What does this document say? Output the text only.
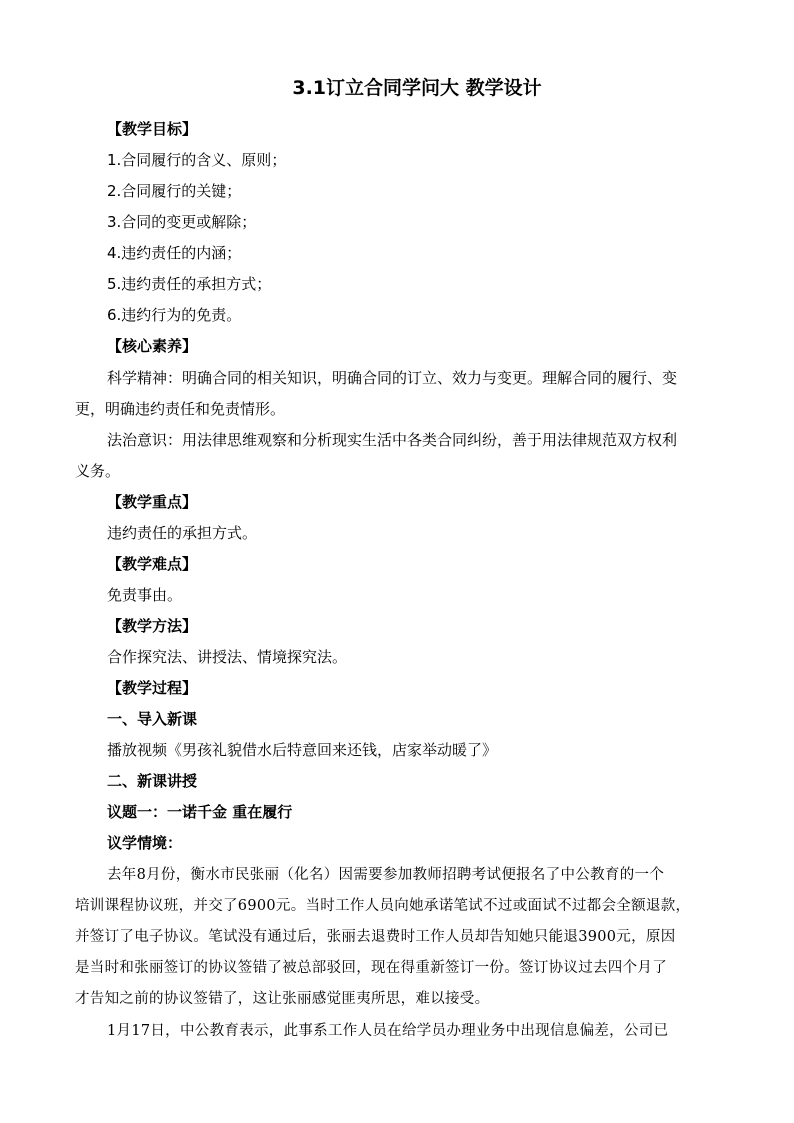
3.1订立合同学问大 教学设计
【教学目标】
1.合同履行的含义、原则；
2.合同履行的关键；
3.合同的变更或解除；
4.违约责任的内涵；
5.违约责任的承担方式；
6.违约行为的免责。
【核心素养】
科学精神：明确合同的相关知识，明确合同的订立、效力与变更。理解合同的履行、变
更，明确违约责任和免责情形。
法治意识：用法律思维观察和分析现实生活中各类合同纠纷，善于用法律规范双方权利
义务。
【教学重点】
违约责任的承担方式。
【教学难点】
免责事由。
【教学方法】
合作探究法、讲授法、情境探究法。
【教学过程】
一、导入新课
播放视频《男孩礼貌借水后特意回来还钱，店家举动暖了》
二、新课讲授
议题一：一诺千金 重在履行
议学情境：
去年8月份，衡水市民张丽（化名）因需要参加教师招聘考试便报名了中公教育的一个
培训课程协议班，并交了6900元。当时工作人员向她承诺笔试不过或面试不过都会全额退款，
并签订了电子协议。笔试没有通过后，张丽去退费时工作人员却告知她只能退3900元，原因
是当时和张丽签订的协议签错了被总部驳回，现在得重新签订一份。签订协议过去四个月了
才告知之前的协议签错了，这让张丽感觉匪夷所思，难以接受。
1月17日，中公教育表示，此事系工作人员在给学员办理业务中出现信息偏差，公司已
